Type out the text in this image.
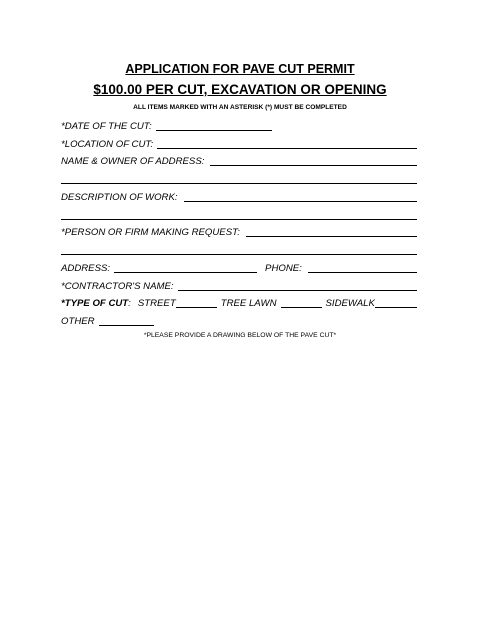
APPLICATION FOR PAVE CUT PERMIT
$100.00 PER CUT, EXCAVATION OR OPENING
ALL ITEMS MARKED WITH AN ASTERISK (*) MUST BE COMPLETED
*DATE OF THE CUT:
*LOCATION OF CUT:
NAME & OWNER OF ADDRESS:
DESCRIPTION OF WORK:
*PERSON OR FIRM MAKING REQUEST:
ADDRESS:	PHONE:
*CONTRACTOR'S NAME:
*TYPE OF CUT : STREET	TREE LAWN	SIDEWALK
OTHER
*PLEASE PROVIDE A DRAWING BELOW OF THE PAVE CUT*
